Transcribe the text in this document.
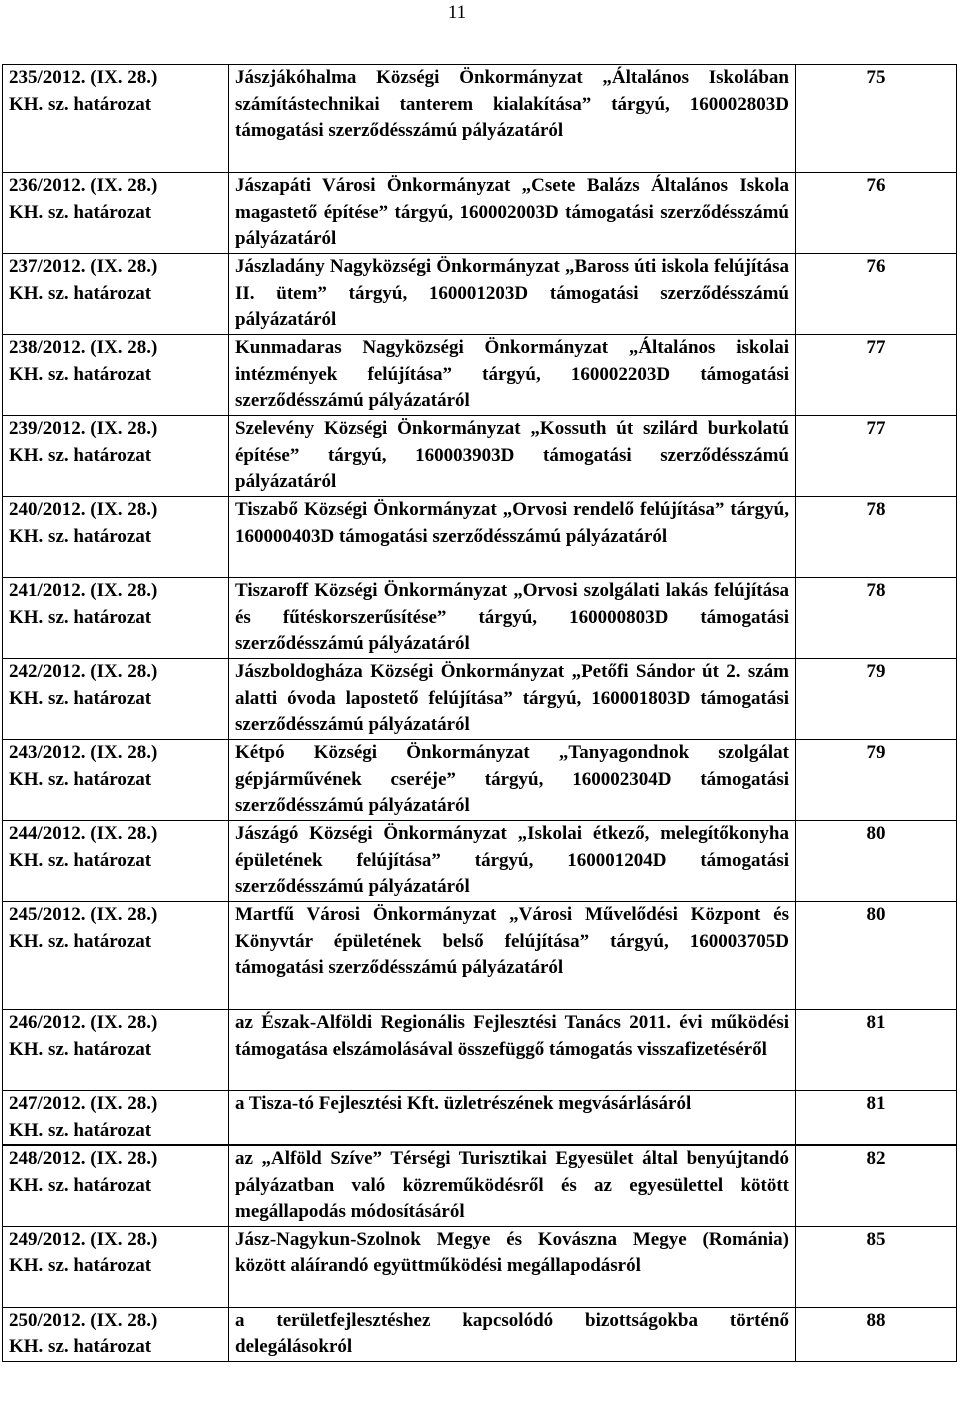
11
235/2012. (IX. 28.)
KH. sz. határozat	Jászjákóhalma Községi Önkormányzat „Általános Iskolában számítástechnikai tanterem kialakítása” tárgyú, 160002803D támogatási szerződésszámú pályázatáról	75
236/2012. (IX. 28.)
KH. sz. határozat	Jászapáti Városi Önkormányzat „Csete Balázs Általános Iskola magastető építése” tárgyú, 160002003D támogatási szerződésszámú pályázatáról	76
237/2012. (IX. 28.)
KH. sz. határozat	Jászladány Nagyközségi Önkormányzat „Baross úti iskola felújítása II. ütem” tárgyú, 160001203D támogatási szerződésszámú pályázatáról	76
238/2012. (IX. 28.)
KH. sz. határozat	Kunmadaras Nagyközségi Önkormányzat „Általános iskolai intézmények felújítása” tárgyú, 160002203D támogatási szerződésszámú pályázatáról	77
239/2012. (IX. 28.)
KH. sz. határozat	Szelevény Községi Önkormányzat „Kossuth út szilárd burkolatú építése” tárgyú, 160003903D támogatási szerződésszámú pályázatáról	77
240/2012. (IX. 28.)
KH. sz. határozat	Tiszabő Községi Önkormányzat „Orvosi rendelő felújítása” tárgyú, 160000403D támogatási szerződésszámú pályázatáról	78
241/2012. (IX. 28.)
KH. sz. határozat	Tiszaroff Községi Önkormányzat „Orvosi szolgálati lakás felújítása és fűtéskorszerűsítése” tárgyú, 160000803D támogatási szerződésszámú pályázatáról	78
242/2012. (IX. 28.)
KH. sz. határozat	Jászboldogháza Községi Önkormányzat „Petőfi Sándor út 2. szám alatti óvoda lapostető felújítása” tárgyú, 160001803D támogatási szerződésszámú pályázatáról	79
243/2012. (IX. 28.)
KH. sz. határozat	Kétpó Községi Önkormányzat „Tanyagondnok szolgálat gépjárművének cseréje” tárgyú, 160002304D támogatási szerződésszámú pályázatáról	79
244/2012. (IX. 28.)
KH. sz. határozat	Jászágó Községi Önkormányzat „Iskolai étkező, melegítőkonyha épületének felújítása” tárgyú, 160001204D támogatási szerződésszámú pályázatáról	80
245/2012. (IX. 28.)
KH. sz. határozat	Martfű Városi Önkormányzat „Városi Művelődési Központ és Könyvtár épületének belső felújítása” tárgyú, 160003705D támogatási szerződésszámú pályázatáról	80
246/2012. (IX. 28.)
KH. sz. határozat	az Észak-Alföldi Regionális Fejlesztési Tanács 2011. évi működési támogatása elszámolásával összefüggő támogatás visszafizetéséről	81
247/2012. (IX. 28.)
KH. sz. határozat	a Tisza-tó Fejlesztési Kft. üzletrészének megvásárlásáról	81
248/2012. (IX. 28.)
KH. sz. határozat	az „Alföld Szíve” Térségi Turisztikai Egyesület által benyújtandó pályázatban való közreműködésről és az egyesülettel kötött megállapodás módosításáról	82
249/2012. (IX. 28.)
KH. sz. határozat	Jász-Nagykun-Szolnok Megye és Kovászna Megye (Románia) között aláírandó együttműködési megállapodásról	85
250/2012. (IX. 28.)
KH. sz. határozat	a területfejlesztéshez kapcsolódó bizottságokba történő delegálásokról	88
